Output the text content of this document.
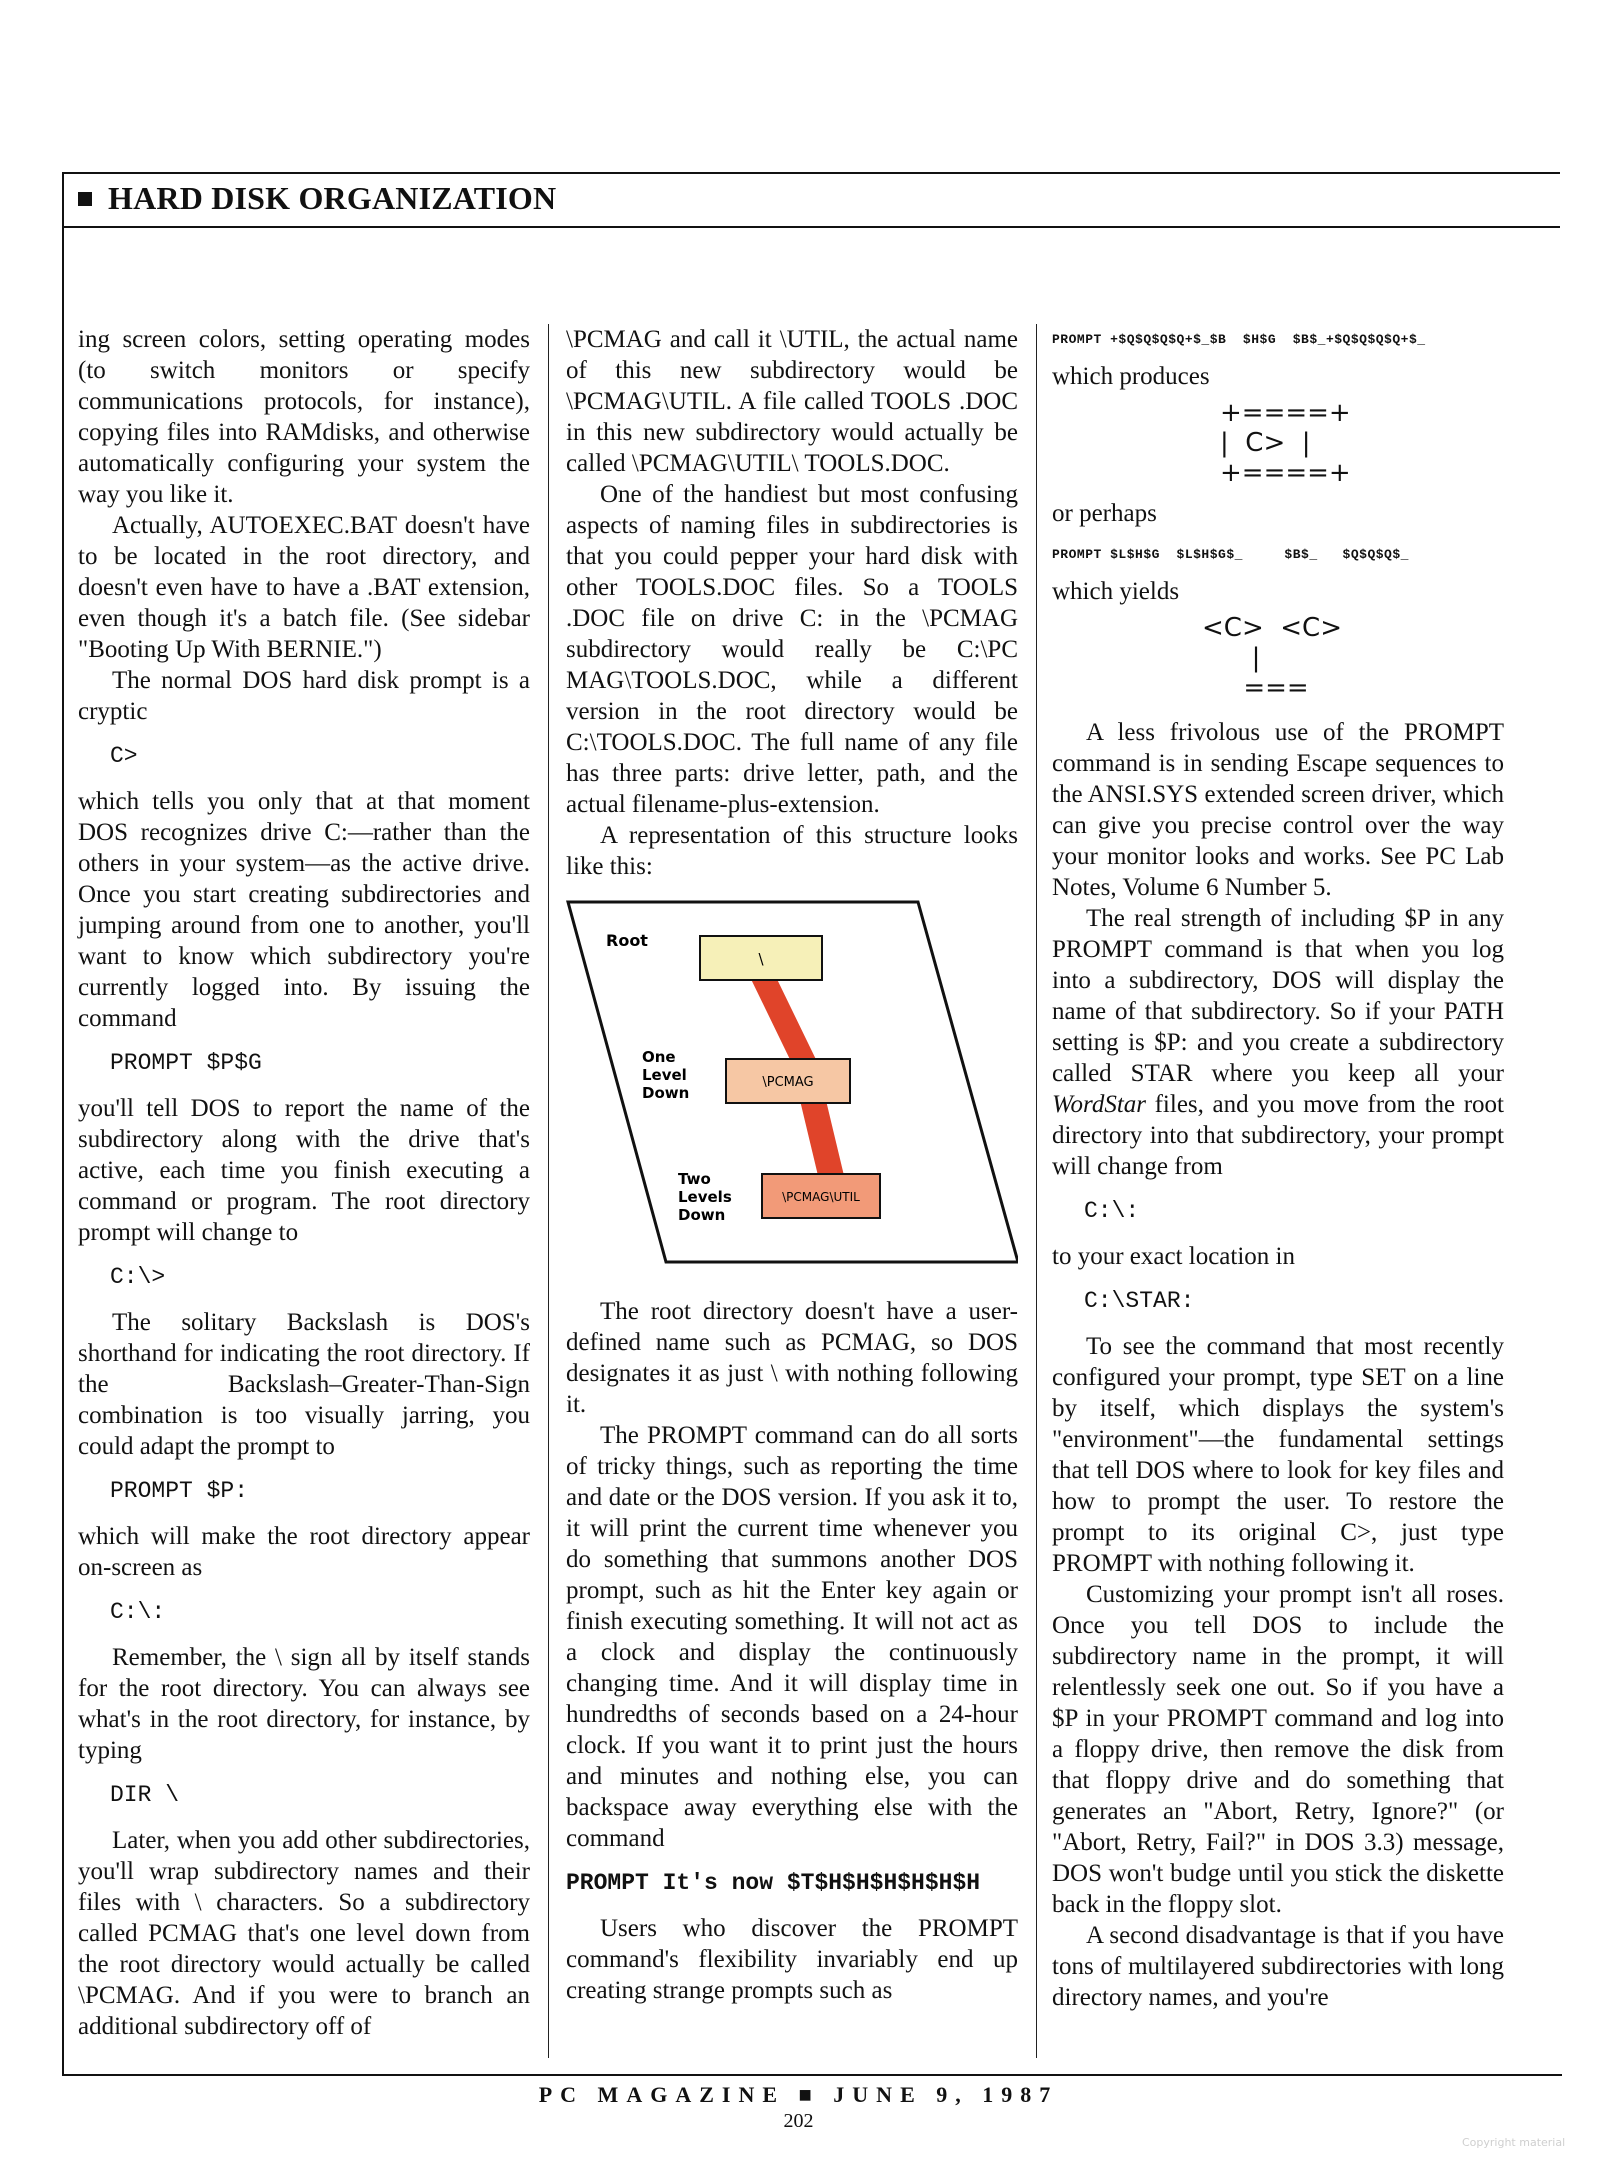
HARD DISK ORGANIZATION

ing screen colors, setting operating modes (to switch monitors or specify communications protocols, for instance), copying files into RAMdisks, and otherwise automatically configuring your system the way you like it.

Actually, AUTOEXEC.BAT doesn't have to be located in the root directory, and doesn't even have to have a .BAT extension, even though it's a batch file. (See sidebar "Booting Up With BERNIE.")

The normal DOS hard disk prompt is a cryptic

C>

which tells you only that at that moment DOS recognizes drive C:—rather than the others in your system—as the active drive. Once you start creating subdirectories and jumping around from one to another, you'll want to know which subdirectory you're currently logged into. By issuing the command

PROMPT $P$G

you'll tell DOS to report the name of the subdirectory along with the drive that's active, each time you finish executing a command or program. The root directory prompt will change to

C:\>

The solitary Backslash is DOS's shorthand for indicating the root directory. If the Backslash–Greater-Than-Sign combination is too visually jarring, you could adapt the prompt to

PROMPT $P:

which will make the root directory appear on-screen as

C:\:

Remember, the \ sign all by itself stands for the root directory. You can always see what's in the root directory, for instance, by typing

DIR \

Later, when you add other subdirectories, you'll wrap subdirectory names and their files with \ characters. So a subdirectory called PCMAG that's one level down from the root directory would actually be called \PCMAG. And if you were to branch an additional subdirectory off of

\PCMAG and call it \UTIL, the actual name of this new subdirectory would be \PCMAG\UTIL. A file called TOOLS .DOC in this new subdirectory would actually be called \PCMAG\UTIL\ TOOLS.DOC.

One of the handiest but most confusing aspects of naming files in subdirectories is that you could pepper your hard disk with other TOOLS.DOC files. So a TOOLS .DOC file on drive C: in the \PCMAG subdirectory would really be C:\PC MAG\TOOLS.DOC, while a different version in the root directory would be C:\TOOLS.DOC. The full name of any file has three parts: drive letter, path, and the actual filename-plus-extension.

A representation of this structure looks like this:

\
\PCMAG
\PCMAG\UTIL
Root
One Level Down
Two Levels Down

The root directory doesn't have a user-defined name such as PCMAG, so DOS designates it as just \ with nothing following it.

The PROMPT command can do all sorts of tricky things, such as reporting the time and date or the DOS version. If you ask it to, it will print the current time whenever you do something that summons another DOS prompt, such as hit the Enter key again or finish executing something. It will not act as a clock and display the continuously changing time. And it will display time in hundredths of seconds based on a 24-hour clock. If you want it to print just the hours and minutes and nothing else, you can backspace away everything else with the command

PROMPT It's now $T$H$H$H$H$H$H

Users who discover the PROMPT command's flexibility invariably end up creating strange prompts such as

PROMPT +$Q$Q$Q$Q+$_$B  $H$G  $B$_+$Q$Q$Q$Q+$_

which produces

+====+
|  C>  |
+====+

or perhaps

PROMPT $L$H$G  $L$H$G$_     $B$_   $Q$Q$Q$_

which yields

<C>  <C>
|
===

A less frivolous use of the PROMPT command is in sending Escape sequences to the ANSI.SYS extended screen driver, which can give you precise control over the way your monitor looks and works. See PC Lab Notes, Volume 6 Number 5.

The real strength of including $P in any PROMPT command is that when you log into a subdirectory, DOS will display the name of that subdirectory. So if your PATH setting is $P: and you create a subdirectory called STAR where you keep all your WordStar files, and you move from the root directory into that subdirectory, your prompt will change from

C:\:

to your exact location in

C:\STAR:

To see the command that most recently configured your prompt, type SET on a line by itself, which displays the system's "environment"—the fundamental settings that tell DOS where to look for key files and how to prompt the user. To restore the prompt to its original C>, just type PROMPT with nothing following it.

Customizing your prompt isn't all roses. Once you tell DOS to include the subdirectory name in the prompt, it will relentlessly seek one out. So if you have a $P in your PROMPT command and log into a floppy drive, then remove the disk from that floppy drive and do something that generates an "Abort, Retry, Ignore?" (or "Abort, Retry, Fail?" in DOS 3.3) message, DOS won't budge until you stick the diskette back in the floppy slot.

A second disadvantage is that if you have tons of multilayered subdirectories with long directory names, and you're

PC MAGAZINE ■ JUNE 9, 1987
202
Copyright material
